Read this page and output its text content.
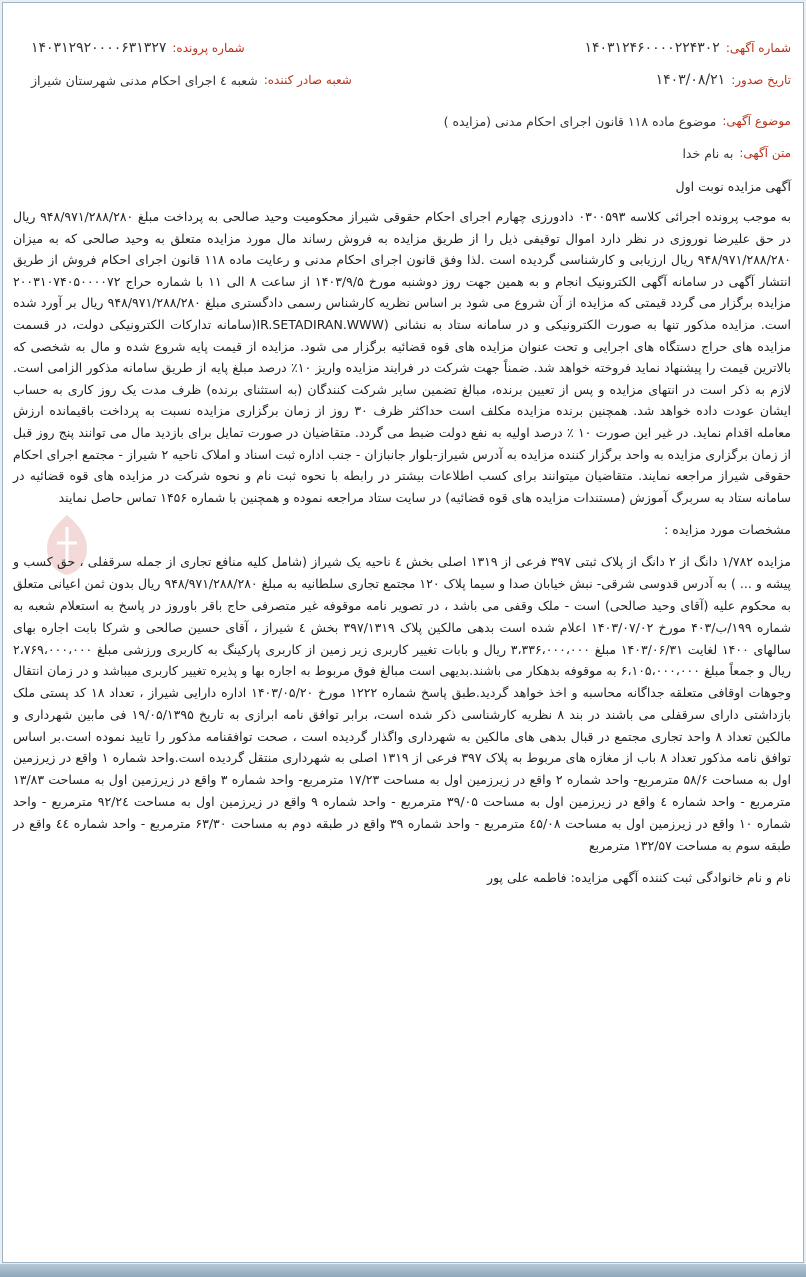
شماره آگهی:
۱۴۰۳۱۲۴۶۰۰۰۰۲۲۴۳۰۲
شماره پرونده:
۱۴۰۳۱۲۹۲۰۰۰۰۶۳۱۳۲۷
تاریخ صدور:
۱۴۰۳/۰۸/۲۱
شعبه صادر کننده:
شعبه ٤ اجرای احکام مدنی شهرستان شیراز
موضوع آگهی:
موضوع ماده ۱۱۸ قانون اجرای احکام مدنی (مزایده )
متن آگهی:
به نام خدا
آگهی مزایده نوبت اول
به موجب پرونده اجرائی کلاسه ۰۳۰۰۵۹۳ دادورزی چهارم اجرای احکام حقوقی شیراز محکومیت وحید صالحی به پرداخت مبلغ ۹۴۸/۹۷۱/۲۸۸/۲۸۰ ریال در حق علیرضا نوروزی در نظر دارد اموال توقیفی ذیل را از طریق مزایده به فروش رساند مال مورد مزایده متعلق به وحید صالحی که به میزان ۹۴۸/۹۷۱/۲۸۸/۲۸۰ ریال ارزیابی و کارشناسی گردیده است .لذا وفق قانون اجرای احکام مدنی و رعایت ماده ۱۱۸ قانون اجرای احکام فروش از طریق انتشار آگهی در سامانه آگهی الکترونیک انجام و به همین جهت روز دوشنبه مورخ ۱۴۰۳/۹/۵ از ساعت ۸ الی ۱۱ با شماره حراج ۲۰۰۳۱۰۷۴۰۵۰۰۰۰۷۲ مزایده برگزار می گردد قیمتی که مزایده از آن شروع می شود بر اساس نظریه کارشناس رسمی دادگستری مبلغ ۹۴۸/۹۷۱/۲۸۸/۲۸۰ ریال بر آورد شده است. مزایده مذکور تنها به صورت الکترونیکی و در سامانه ستاد به نشانی (IR.SETADIRAN.WWW(سامانه تدارکات الکترونیکی دولت، در قسمت مزایده های حراج دستگاه های اجرایی و تحت عنوان مزایده های قوه قضائیه برگزار می شود. مزایده از قیمت پایه شروع شده و مال به شخصی که بالاترین قیمت را پیشنهاد نماید فروخته خواهد شد. ضمناً جهت شرکت در فرایند مزایده واریز ۱۰٪ درصد مبلغ پایه از طریق سامانه مذکور الزامی است. لازم به ذکر است در انتهای مزایده و پس از تعیین برنده، مبالغ تضمین سایر شرکت کنندگان (به استثنای برنده) ظرف مدت یک روز کاری به حساب ایشان عودت داده خواهد شد. همچنین برنده مزایده مکلف است حداکثر ظرف ۳۰ روز از زمان برگزاری مزایده نسبت به پرداخت باقیمانده ارزش معامله اقدام نماید. در غیر این صورت ۱۰ ٪ درصد اولیه به نفع دولت ضبط می گردد. متقاضیان در صورت تمایل برای بازدید مال می توانند پنج روز قبل از زمان برگزاری مزایده به واحد برگزار کننده مزایده به آدرس شیراز-بلوار جانبازان - جنب اداره ثبت اسناد و املاک ناحیه ۲ شیراز - مجتمع اجرای احکام حقوقی شیراز مراجعه نمایند. متقاضیان میتوانند برای کسب اطلاعات بیشتر در رابطه با نحوه ثبت نام و نحوه شرکت در مزایده های قوه قضائیه در سامانه ستاد به سربرگ آموزش (مستندات مزایده های قوه قضائیه) در سایت ستاد مراجعه نموده و همچنین با شماره ۱۴۵۶ تماس حاصل نمایند
مشخصات مورد مزایده :
مزایده ۱/۷۸۲ دانگ از ۲ دانگ از پلاک ثبتی ۳۹۷ فرعی از ۱۳۱۹ اصلی بخش ٤ ناحیه یک شیراز (شامل کلیه منافع تجاری از جمله سرقفلی ، حق کسب و پیشه و ... ) به آدرس قدوسی شرقی- نبش خیابان صدا و سیما پلاک ۱۲۰ مجتمع تجاری سلطانیه به مبلغ ۹۴۸/۹۷۱/۲۸۸/۲۸۰ ریال بدون ثمن اعیانی متعلق به محکوم علیه (آقای وحید صالحی) است - ملک وقفی می باشد ، در تصویر نامه موقوفه غیر متصرفی حاج باقر باوروز در پاسخ به استعلام شعبه به شماره ۱۹۹/ب/۴۰۳ مورخ ۱۴۰۳/۰۷/۰۲ اعلام شده است بدهی مالکین پلاک ۳۹۷/۱۳۱۹ بخش ٤ شیراز ، آقای حسین صالحی و شرکا بابت اجاره بهای سالهای ۱۴۰۰ لغایت ۱۴۰۳/۰۶/۳۱ مبلغ ۳،۳۳۶،۰۰۰،۰۰۰ ریال و بابات تغییر کاربری زیر زمین از کاربری پارکینگ به کاربری ورزشی مبلغ ۲،۷۶۹،۰۰۰،۰۰۰ ریال و جمعاً مبلغ ۶،۱۰۵،۰۰۰،۰۰۰ به موقوفه بدهکار می باشند.بدیهی است مبالغ فوق مربوط به اجاره بها و پذیره تغییر کاربری میباشد و در زمان انتقال وجوهات اوقافی متعلقه جداگانه محاسبه و اخذ خواهد گردید.طبق پاسخ شماره ۱۲۲۲ مورخ ۱۴۰۳/۰۵/۲۰ اداره دارایی شیراز ، تعداد ۱۸ کد پستی ملک بازداشتی دارای سرقفلی می باشند در بند ۸ نظریه کارشناسی ذکر شده است، برابر توافق نامه ابرازی به تاریخ ۱۹/۰۵/۱۳۹۵ فی مابین شهرداری و مالکین تعداد ۸ واحد تجاری مجتمع در قبال بدهی های مالکین به شهرداری واگذار گردیده است ، صحت توافقنامه مذکور را تایید نموده است.بر اساس توافق نامه مذکور تعداد ۸ باب از مغازه های مربوط به پلاک ۳۹۷ فرعی از ۱۳۱۹ اصلی به شهرداری منتقل گردیده است.واحد شماره ۱ واقع در زیرزمین اول به مساحت ۵۸/۶ مترمربع- واحد شماره ۲ واقع در زیرزمین اول به مساحت ۱۷/۲۳ مترمربع- واحد شماره ۳ واقع در زیرزمین اول به مساحت ۱۳/۸۳ مترمربع - واحد شماره ٤ واقع در زیرزمین اول به مساحت ۳۹/۰۵ مترمربع - واحد شماره ۹ واقع در زیرزمین اول به مساحت ۹۲/۲٤ مترمربع - واحد شماره ۱۰ واقع در زیرزمین اول به مساحت ٤۵/۰۸ مترمربع - واحد شماره ۳۹ واقع در طبقه دوم به مساحت ۶۳/۳۰ مترمربع - واحد شماره ٤٤ واقع در طبقه سوم به مساحت ۱۳۲/۵۷ مترمربع
نام و نام خانوادگی ثبت کننده آگهی مزایده: فاطمه علی پور
